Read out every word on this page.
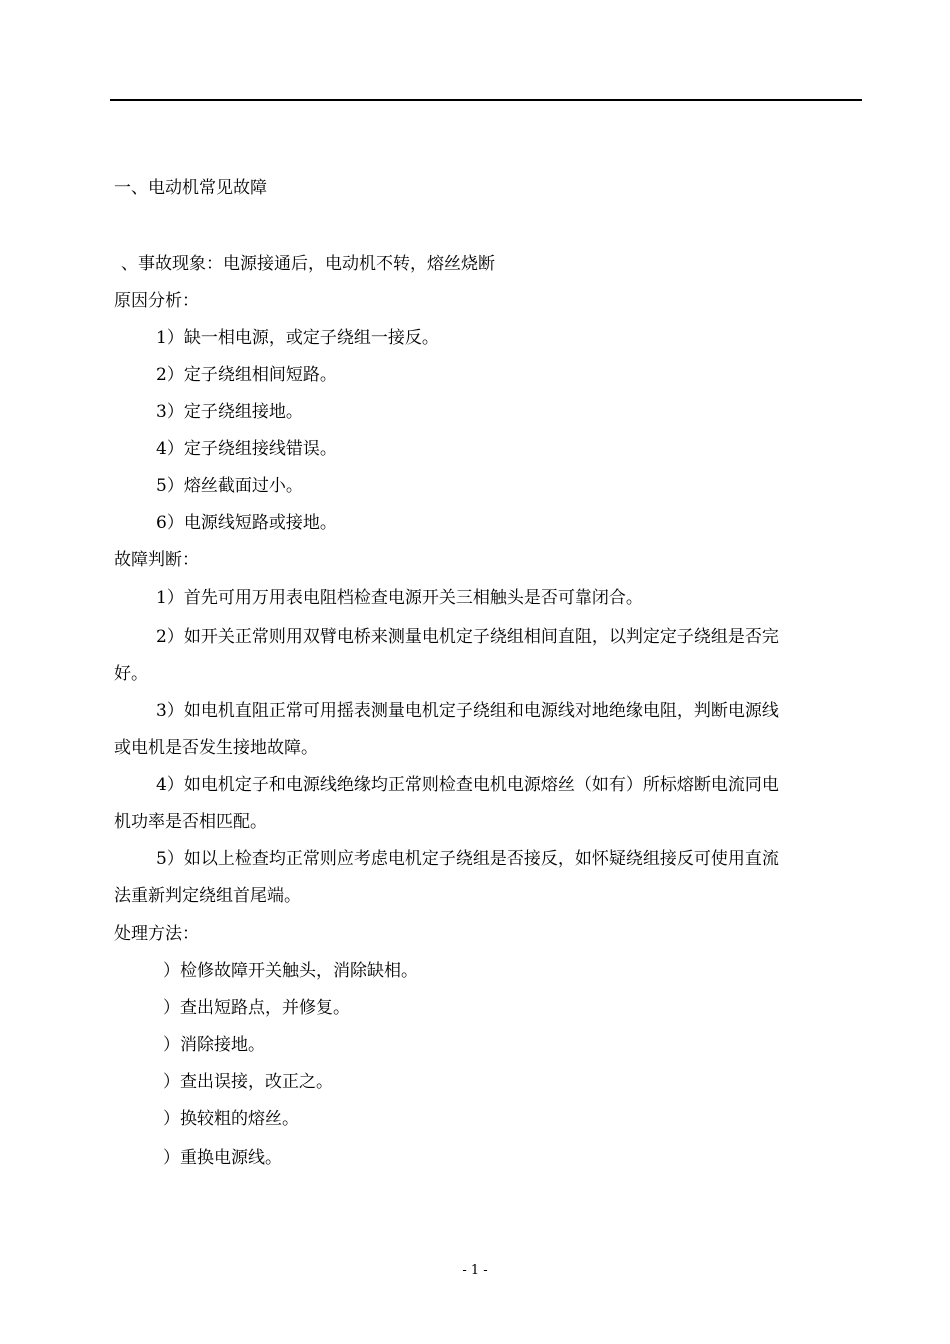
一、电动机常见故障
、事故现象：电源接通后，电动机不转，熔丝烧断
原因分析：
1）缺一相电源，或定子绕组一接反。
2）定子绕组相间短路。
3）定子绕组接地。
4）定子绕组接线错误。
5）熔丝截面过小。
6）电源线短路或接地。
故障判断：
1）首先可用万用表电阻档检查电源开关三相触头是否可靠闭合。
2）如开关正常则用双臂电桥来测量电机定子绕组相间直阻，以判定定子绕组是否完
好。
3）如电机直阻正常可用摇表测量电机定子绕组和电源线对地绝缘电阻，判断电源线
或电机是否发生接地故障。
4）如电机定子和电源线绝缘均正常则检查电机电源熔丝（如有）所标熔断电流同电
机功率是否相匹配。
5）如以上检查均正常则应考虑电机定子绕组是否接反，如怀疑绕组接反可使用直流
法重新判定绕组首尾端。
处理方法：
）检修故障开关触头，消除缺相。
）查出短路点，并修复。
）消除接地。
）查出误接，改正之。
）换较粗的熔丝。
）重换电源线。
- 1 -
